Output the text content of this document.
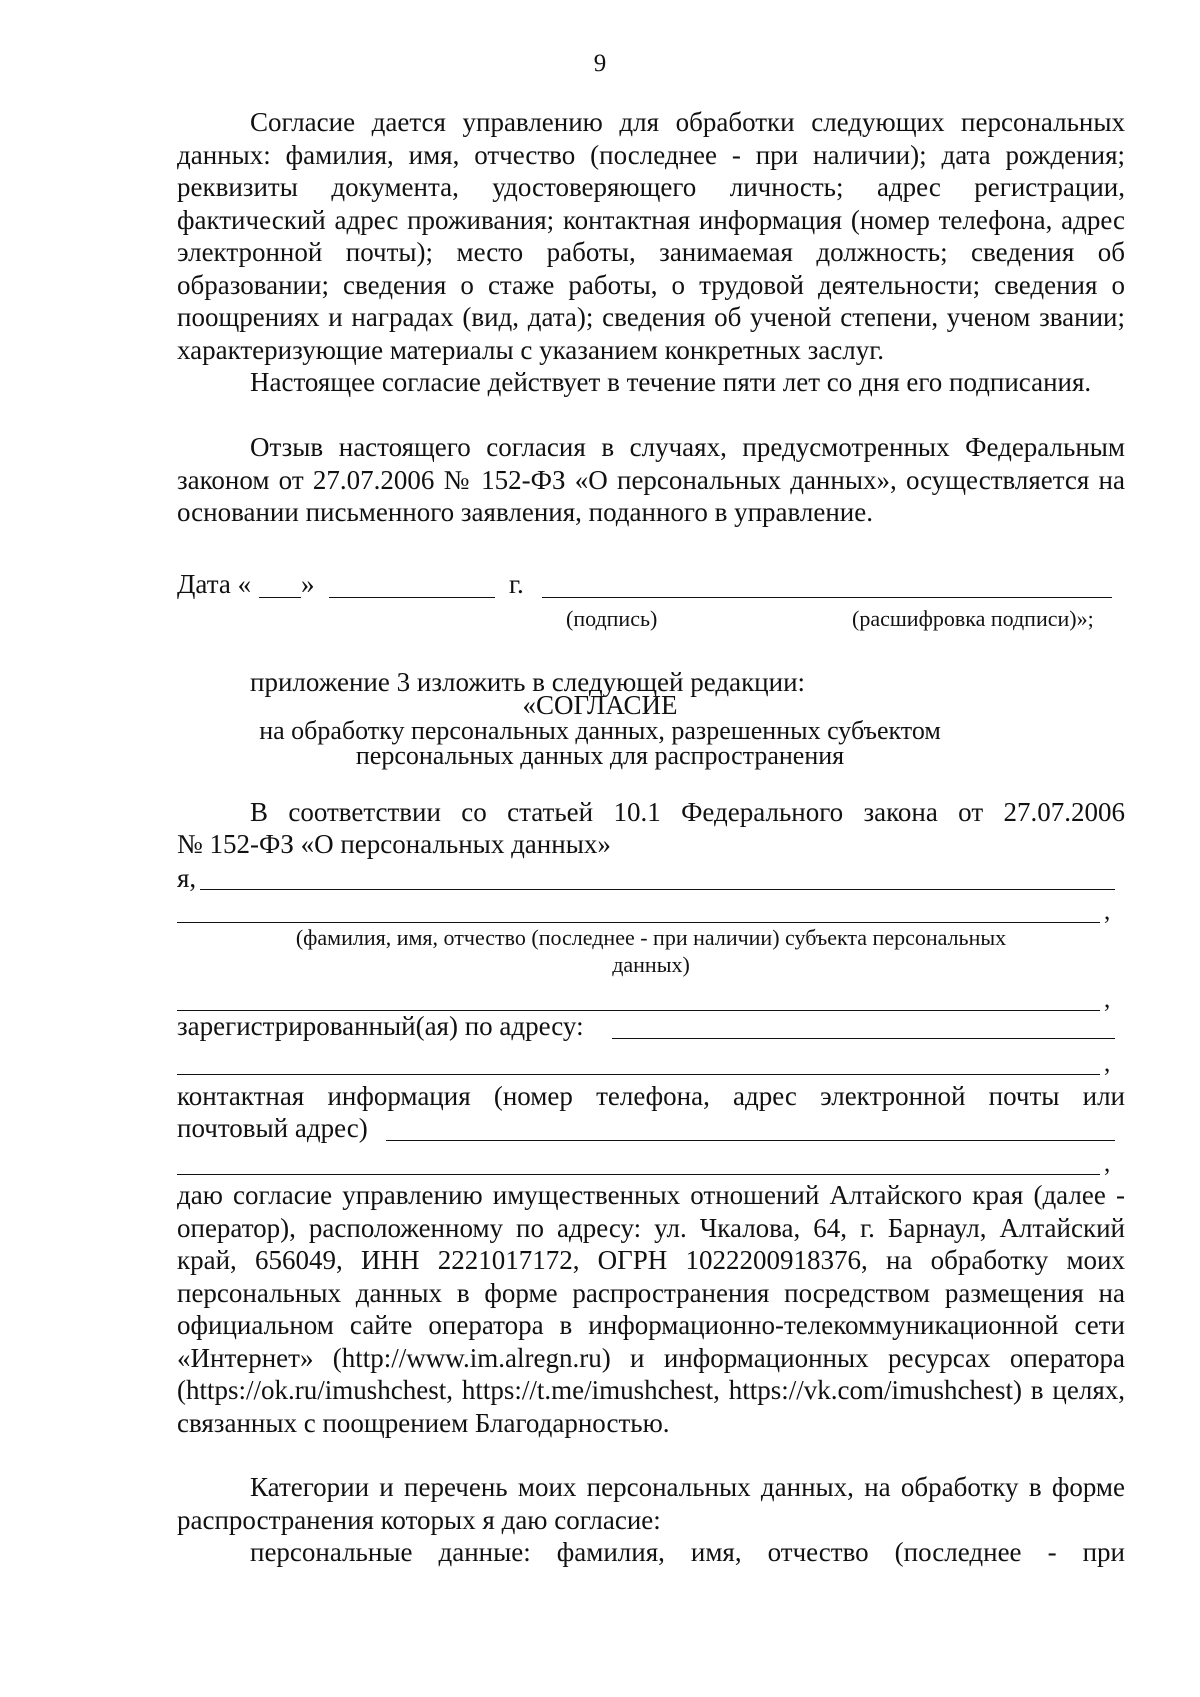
9

Согласие дается управлению для обработки следующих персональных данных: фамилия, имя, отчество (последнее - при наличии); дата рождения; реквизиты документа, удостоверяющего личность; адрес регистрации, фактический адрес проживания; контактная информация (номер телефона, адрес электронной почты); место работы, занимаемая должность; сведения об образовании; сведения о стаже работы, о трудовой деятельности; сведения о поощрениях и наградах (вид, дата); сведения об ученой степени, ученом звании; характеризующие материалы с указанием конкретных заслуг.

Настоящее согласие действует в течение пяти лет со дня его подписания.

Отзыв настоящего согласия в случаях, предусмотренных Федеральным законом от 27.07.2006 № 152-ФЗ «О персональных данных», осуществляется на основании письменного заявления, поданного в управление.

Дата « »	г.
(подпись)	(расшифровка подписи)»;
приложение 3 изложить в следующей редакции:
«СОГЛАСИЕ
на обработку персональных данных, разрешенных субъектом
персональных данных для распространения
В соответствии со статьей 10.1 Федерального закона от 27.07.2006
№ 152-ФЗ «О персональных данных»
я,
,
(фамилия, имя, отчество (последнее - при наличии) субъекта персональных
данных)
,
зарегистрированный(ая) по адресу:
,
контактная информация (номер телефона, адрес электронной почты или
почтовый адрес)
,

даю согласие управлению имущественных отношений Алтайского края (далее - оператор), расположенному по адресу: ул. Чкалова, 64, г. Барнаул, Алтайский край, 656049, ИНН 2221017172, ОГРН 1022200918376, на обработку моих персональных данных в форме распространения посредством размещения на официальном сайте оператора в информационно-телекоммуникационной сети «Интернет» (http://www.im.alregn.ru) и информационных ресурсах оператора (https://ok.ru/imushchest, https://t.me/imushchest, https://vk.com/imushchest) в целях, связанных с поощрением Благодарностью.

Категории и перечень моих персональных данных, на обработку в форме распространения которых я даю согласие:

персональные данные: фамилия, имя, отчество (последнее - при
